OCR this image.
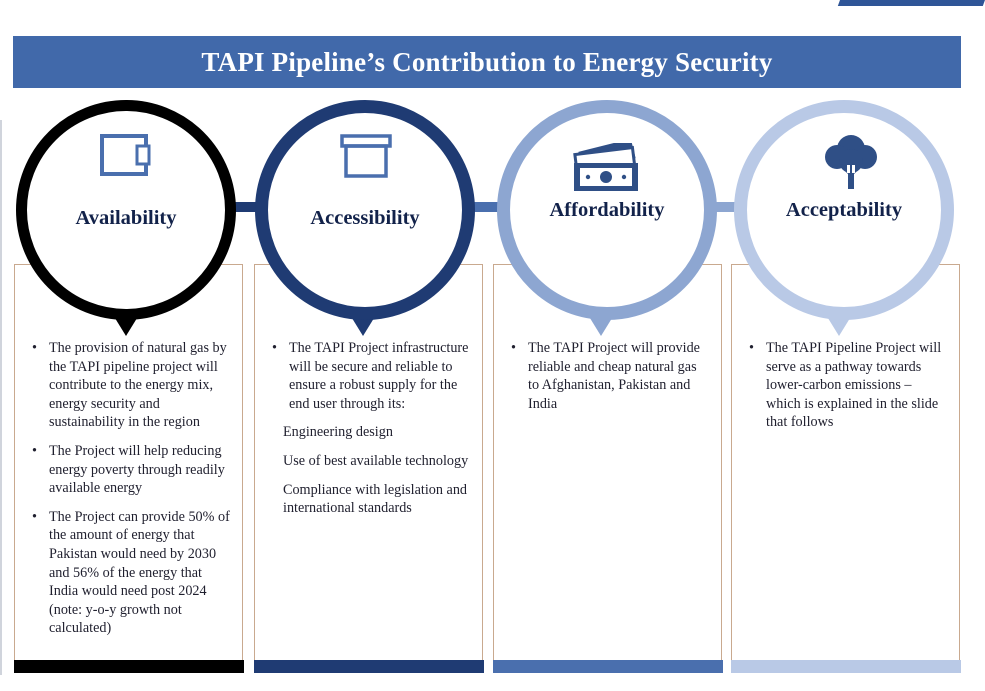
TAPI Pipeline’s Contribution to Energy Security
• The provision of natural gas by the TAPI pipeline project will contribute to the energy mix, energy security and sustainability in the region
• The Project will help reducing energy poverty through readily available energy
• The Project can provide 50% of the amount of energy that Pakistan would need by 2030 and 56% of the energy that India would need post 2024 (note: y-o-y growth not calculated)
• The TAPI Project infrastructure will be secure and reliable to ensure a robust supply for the end user through its:
Engineering design
Use of best available technology
Compliance with legislation and international standards
• The TAPI Project will provide reliable and cheap natural gas to Afghanistan, Pakistan and India
• The TAPI Pipeline Project will serve as a pathway towards lower-carbon emissions – which is explained in the slide that follows
Availability	Accessibility	Affordability	Acceptability
